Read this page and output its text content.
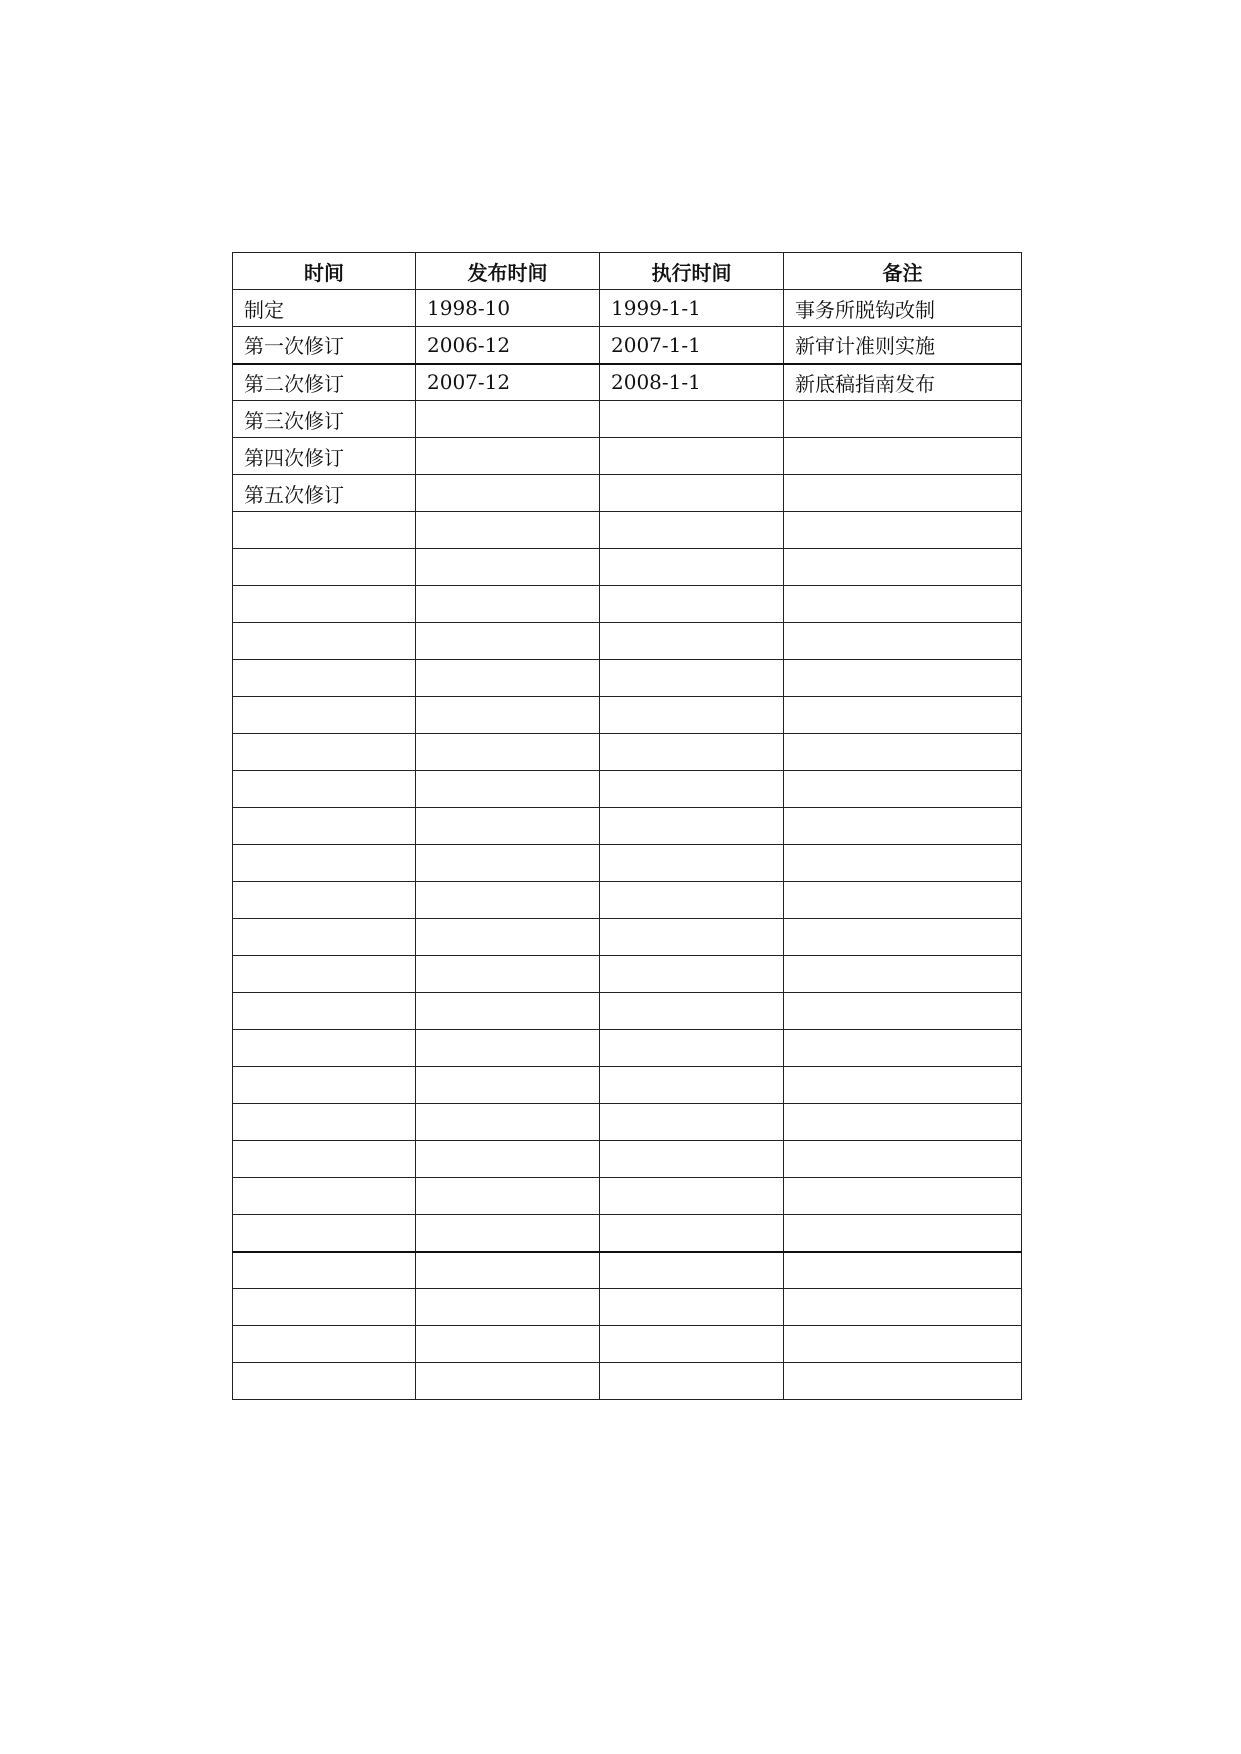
时间	发布时间	执行时间	备注
制定	1998-10	1999-1-1	事务所脱钩改制
第一次修订	2006-12	2007-1-1	新审计准则实施
第二次修订	2007-12	2008-1-1	新底稿指南发布
第三次修订			
第四次修订			
第五次修订			
